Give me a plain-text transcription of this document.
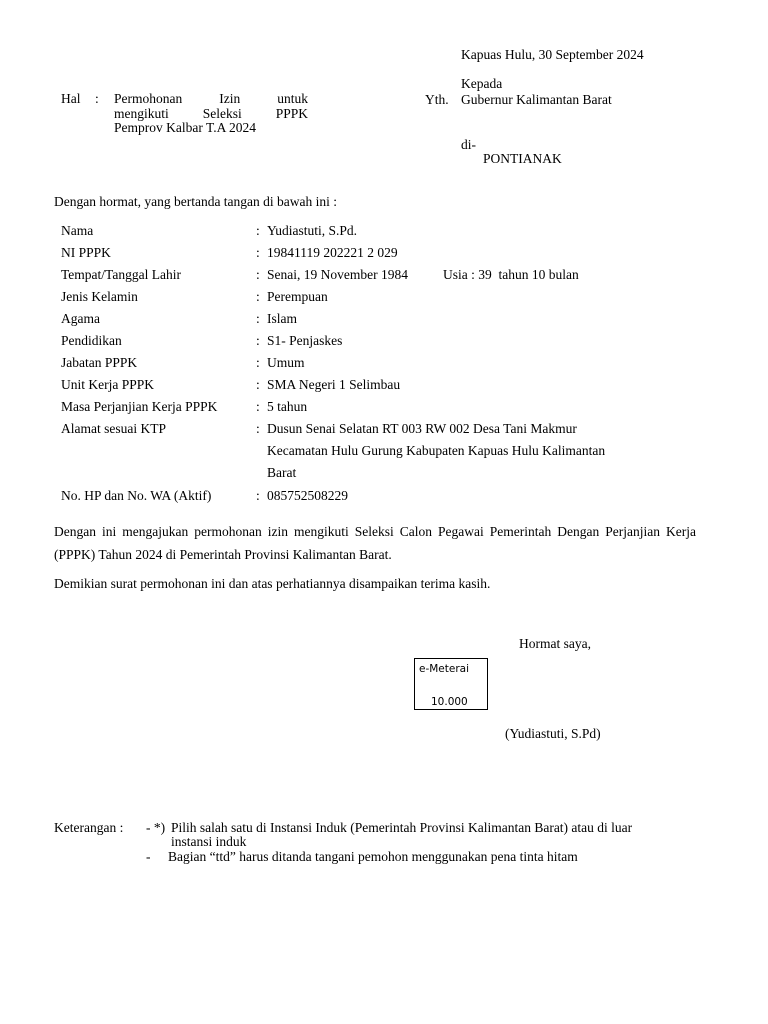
Kapuas Hulu, 30 September 2024
Hal : Permohonan Izin untuk
mengikuti Seleksi PPPK
Pemprov Kalbar T.A 2024
Kepada
Yth. Gubernur Kalimantan Barat
di-
PONTIANAK
Dengan hormat, yang bertanda tangan di bawah ini :
Nama	: Yudiastuti, S.Pd.
NI PPPK	: 19841119 202221 2 029
Tempat/Tanggal Lahir	: Senai, 19 November 1984	Usia : 39  tahun 10 bulan
Jenis Kelamin	: Perempuan
Agama	: Islam
Pendidikan	: S1- Penjaskes
Jabatan PPPK	: Umum
Unit Kerja PPPK	: SMA Negeri 1 Selimbau
Masa Perjanjian Kerja PPPK	: 5 tahun
Alamat sesuai KTP	: Dusun Senai Selatan RT 003 RW 002 Desa Tani Makmur
Kecamatan Hulu Gurung Kabupaten Kapuas Hulu Kalimantan
Barat
No. HP dan No. WA (Aktif)	: 085752508229
Dengan ini mengajukan permohonan izin mengikuti Seleksi Calon Pegawai Pemerintah Dengan Perjanjian Kerja (PPPK) Tahun 2024 di Pemerintah Provinsi Kalimantan Barat.
Demikian surat permohonan ini dan atas perhatiannya disampaikan terima kasih.
Hormat saya,
e-Meterai
10.000
(Yudiastuti, S.Pd)
Keterangan : - *) Pilih salah satu di Instansi Induk (Pemerintah Provinsi Kalimantan Barat) atau di luar
instansi induk
- Bagian “ttd” harus ditanda tangani pemohon menggunakan pena tinta hitam
